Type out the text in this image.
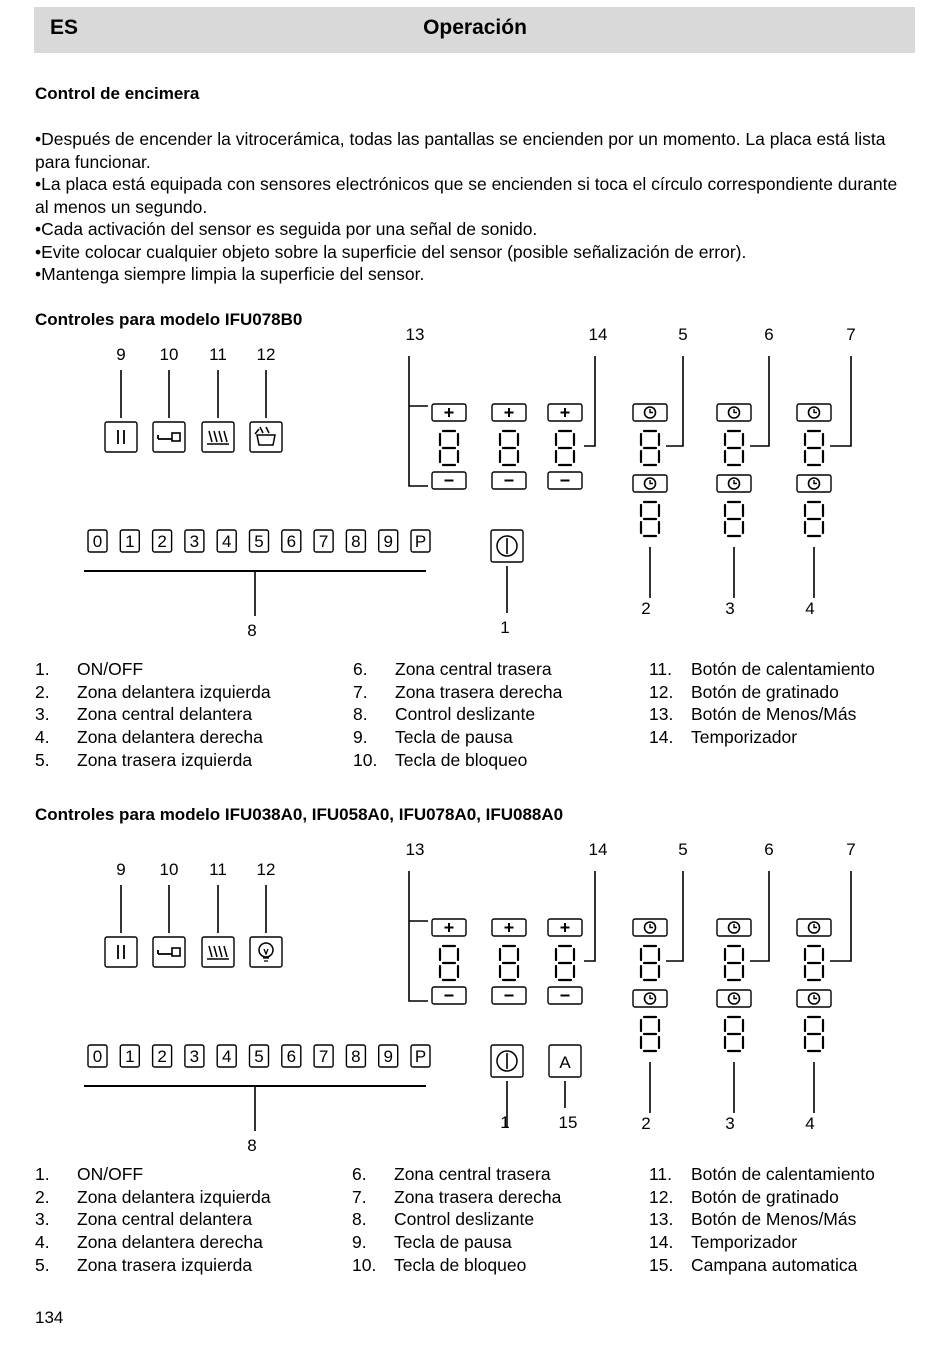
ES	Operación
Control de encimera
•Después de encender la vitrocerámica, todas las pantallas se encienden por un momento. La placa está lista para funcionar.
•La placa está equipada con sensores electrónicos que se encienden si toca el círculo correspondiente durante al menos un segundo.
•Cada activación del sensor es seguida por una señal de sonido.
•Evite colocar cualquier objeto sobre la superficie del sensor (posible señalización de error).
•Mantenga siempre limpia la superficie del sensor.
Controles para modelo IFU078B0
9 10 11 12
0 1 2 3 4 5 6 7 8 9 P
8	1
13	14	5
2
6
3
7
4
1.	ON/OFF
2.	Zona delantera izquierda
3.	Zona central delantera
4.	Zona delantera derecha
5.	Zona trasera izquierda
6.	Zona central trasera
7.	Zona trasera derecha
8.	Control deslizante
9.	Tecla de pausa
10.	Tecla de bloqueo
11.	Botón de calentamiento
12.	Botón de gratinado
13.	Botón de Menos/Más
14.	Temporizador
Controles para modelo IFU038A0, IFU058A0, IFU078A0, IFU088A0
9 10 11 12
0 1 2 3 4 5 6 7 8 9 P
8
1
A
15
13	14	5
2
6
3
7
4
1.	ON/OFF
2.	Zona delantera izquierda
3.	Zona central delantera
4.	Zona delantera derecha
5.	Zona trasera izquierda
6.	Zona central trasera
7.	Zona trasera derecha
8.	Control deslizante
9.	Tecla de pausa
10.	Tecla de bloqueo
11.	Botón de calentamiento
12.	Botón de gratinado
13.	Botón de Menos/Más
14.	Temporizador
15.	Campana automatica
134
